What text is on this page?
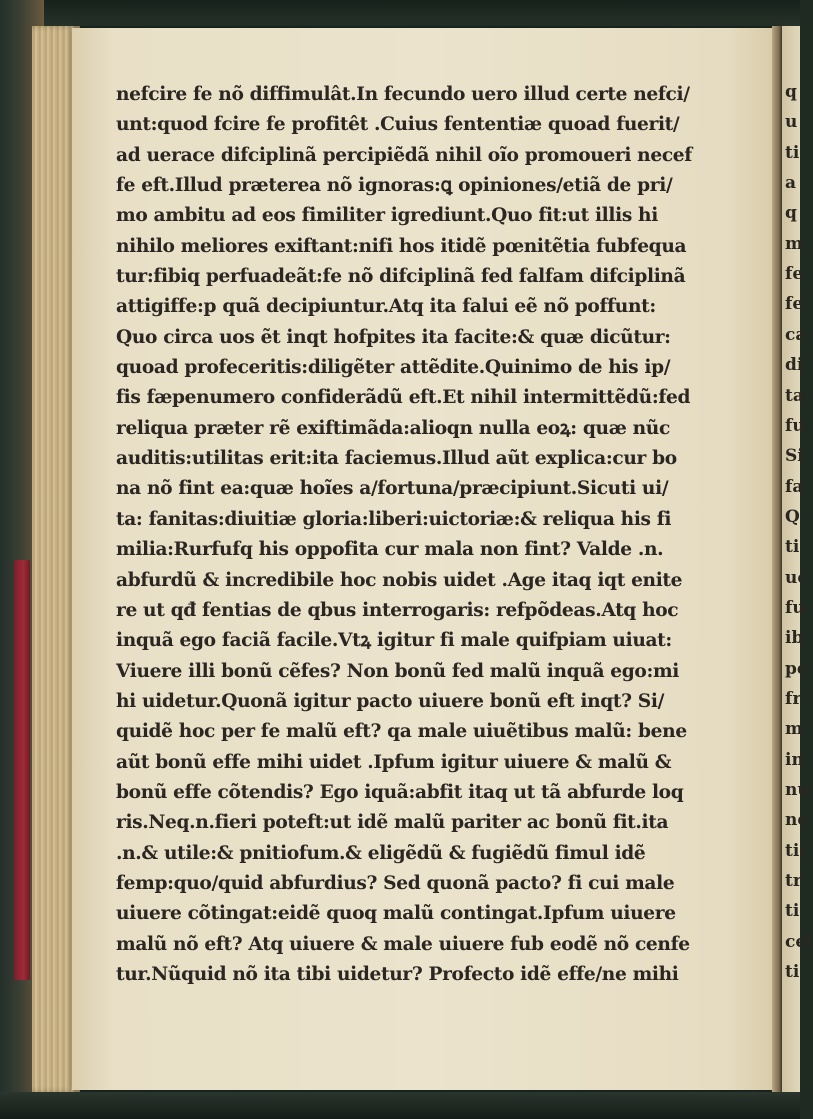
nefcire fe nõ diffimulât.In fecundo uero illud certe nefci/
unt:quod fcire fe profitêt .Cuius fententiæ quoad fuerit/
ad uerace difciplinã percipiẽdã nihil oĩo promoueri necef
fe eft.Illud præterea nõ ignoras:ꝗ opiniones/etiã de pri/
mo ambitu ad eos fimiliter igrediunt.Quo fit:ut illis hi
nihilo meliores exiftant:nifi hos itidẽ pœnitẽtia fubfequa
tur:fibiq perfuadeãt:fe nõ difciplinã fed falfam difciplinã
attigiffe:p quã decipiuntur.Atq ita falui eẽ nõ poffunt:
Quo circa uos ẽt inqt hofpites ita facite:& quæ dicũtur:
quoad profeceritis:diligẽter attẽdite.Quinimo de his ip/
fis fæpenumero confiderãdũ eft.Et nihil intermittẽdũ:fed
reliqua præter rẽ exiftimãda:alioqn nulla eoꝝ: quæ nũc
auditis:utilitas erit:ita faciemus.Illud aũt explica:cur bo
na nõ fint ea:quæ hoĩes a/fortuna/præcipiunt.Sicuti ui/
ta: fanitas:diuitiæ gloria:liberi:uictoriæ:& reliqua his fi
milia:Rurfufq his oppofita cur mala non fint? Valde .n.
abfurdũ & incredibile hoc nobis uidet .Age itaq iqt enite
re ut qđ fentias de qbus interrogaris: refpõdeas.Atq hoc
inquã ego faciã facile.Vtꝝ igitur fi male quifpiam uiuat:
Viuere illi bonũ cẽfes? Non bonũ fed malũ inquã ego:mi
hi uidetur.Quonã igitur pacto uiuere bonũ eft inqt? Si/
quidẽ hoc per fe malũ eft? qa male uiuẽtibus malũ: bene
aũt bonũ effe mihi uidet .Ipfum igitur uiuere & malũ &
bonũ effe cõtendis? Ego iquã:abfit itaq ut tã abfurde loq
ris.Neq.n.fieri poteft:ut idẽ malũ pariter ac bonũ fit.ita
.n.& utile:& pnitiofum.& eligẽdũ & fugiẽdũ fimul idẽ
femp:quo/quid abfurdius? Sed quonã pacto? fi cui male
uiuere cõtingat:eidẽ quoq malũ contingat.Ipfum uiuere
malũ nõ eft? Atq uiuere & male uiuere fub eodẽ nõ cenfe
tur.Nũquid nõ ita tibi uidetur? Profecto idẽ effe/ne mihi
q
u
ti
a
q
m
fe
fe
ca
di
ta
fu
Si
fa
Q
ti
uc
fu
ib
pe
fr
m
in
nu
ne
tic
tr
ti
cel
ti
